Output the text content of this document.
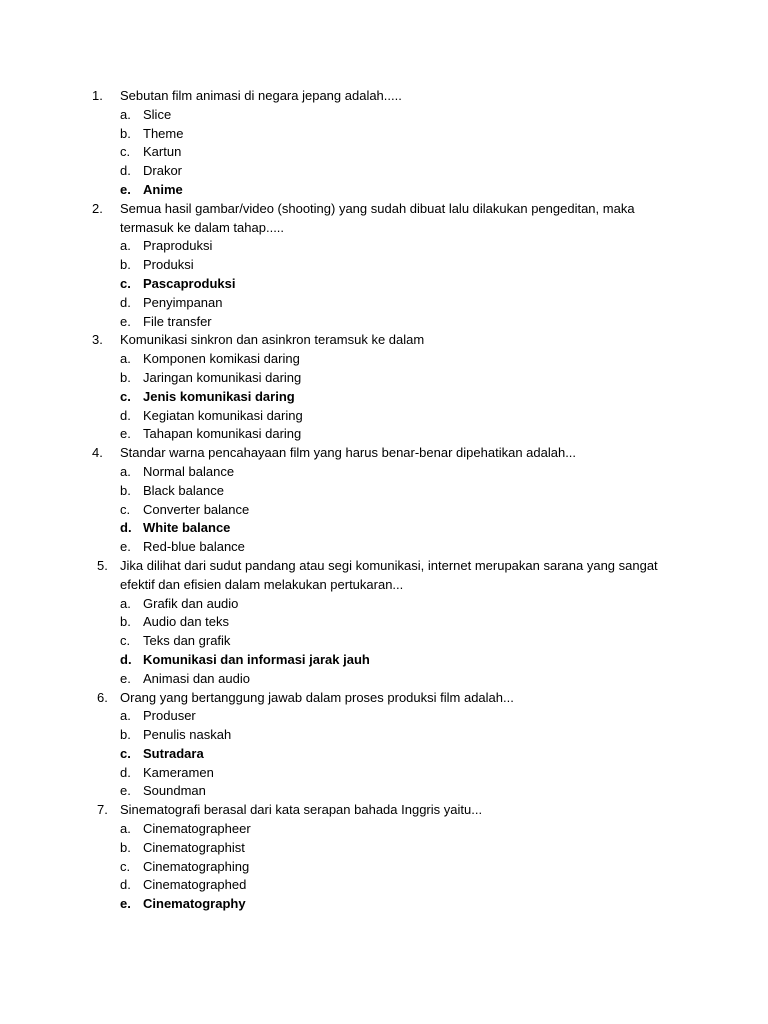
1.	Sebutan film animasi di negara jepang adalah.....
a. Slice
b. Theme
c. Kartun
d. Drakor
e. Anime
2.	Semua hasil gambar/video (shooting) yang sudah dibuat lalu dilakukan pengeditan, maka
termasuk ke dalam tahap.....
a. Praproduksi
b. Produksi
c. Pascaproduksi
d. Penyimpanan
e. File transfer
3.	Komunikasi sinkron dan asinkron teramsuk ke dalam
a. Komponen komikasi daring
b. Jaringan komunikasi daring
c. Jenis komunikasi daring
d. Kegiatan komunikasi daring
e. Tahapan komunikasi daring
4.	Standar warna pencahayaan film yang harus benar-benar dipehatikan adalah...
a. Normal balance
b. Black balance
c. Converter balance
d. White balance
e. Red-blue balance
5. Jika dilihat dari sudut pandang atau segi komunikasi, internet merupakan sarana yang sangat
efektif dan efisien dalam melakukan pertukaran...
a. Grafik dan audio
b. Audio dan teks
c. Teks dan grafik
d. Komunikasi dan informasi jarak jauh
e. Animasi dan audio
6. Orang yang bertanggung jawab dalam proses produksi film adalah...
a. Produser
b. Penulis naskah
c. Sutradara
d. Kameramen
e. Soundman
7. Sinematografi berasal dari kata serapan bahada Inggris yaitu...
a. Cinematographeer
b. Cinematographist
c. Cinematographing
d. Cinematographed
e. Cinematography
